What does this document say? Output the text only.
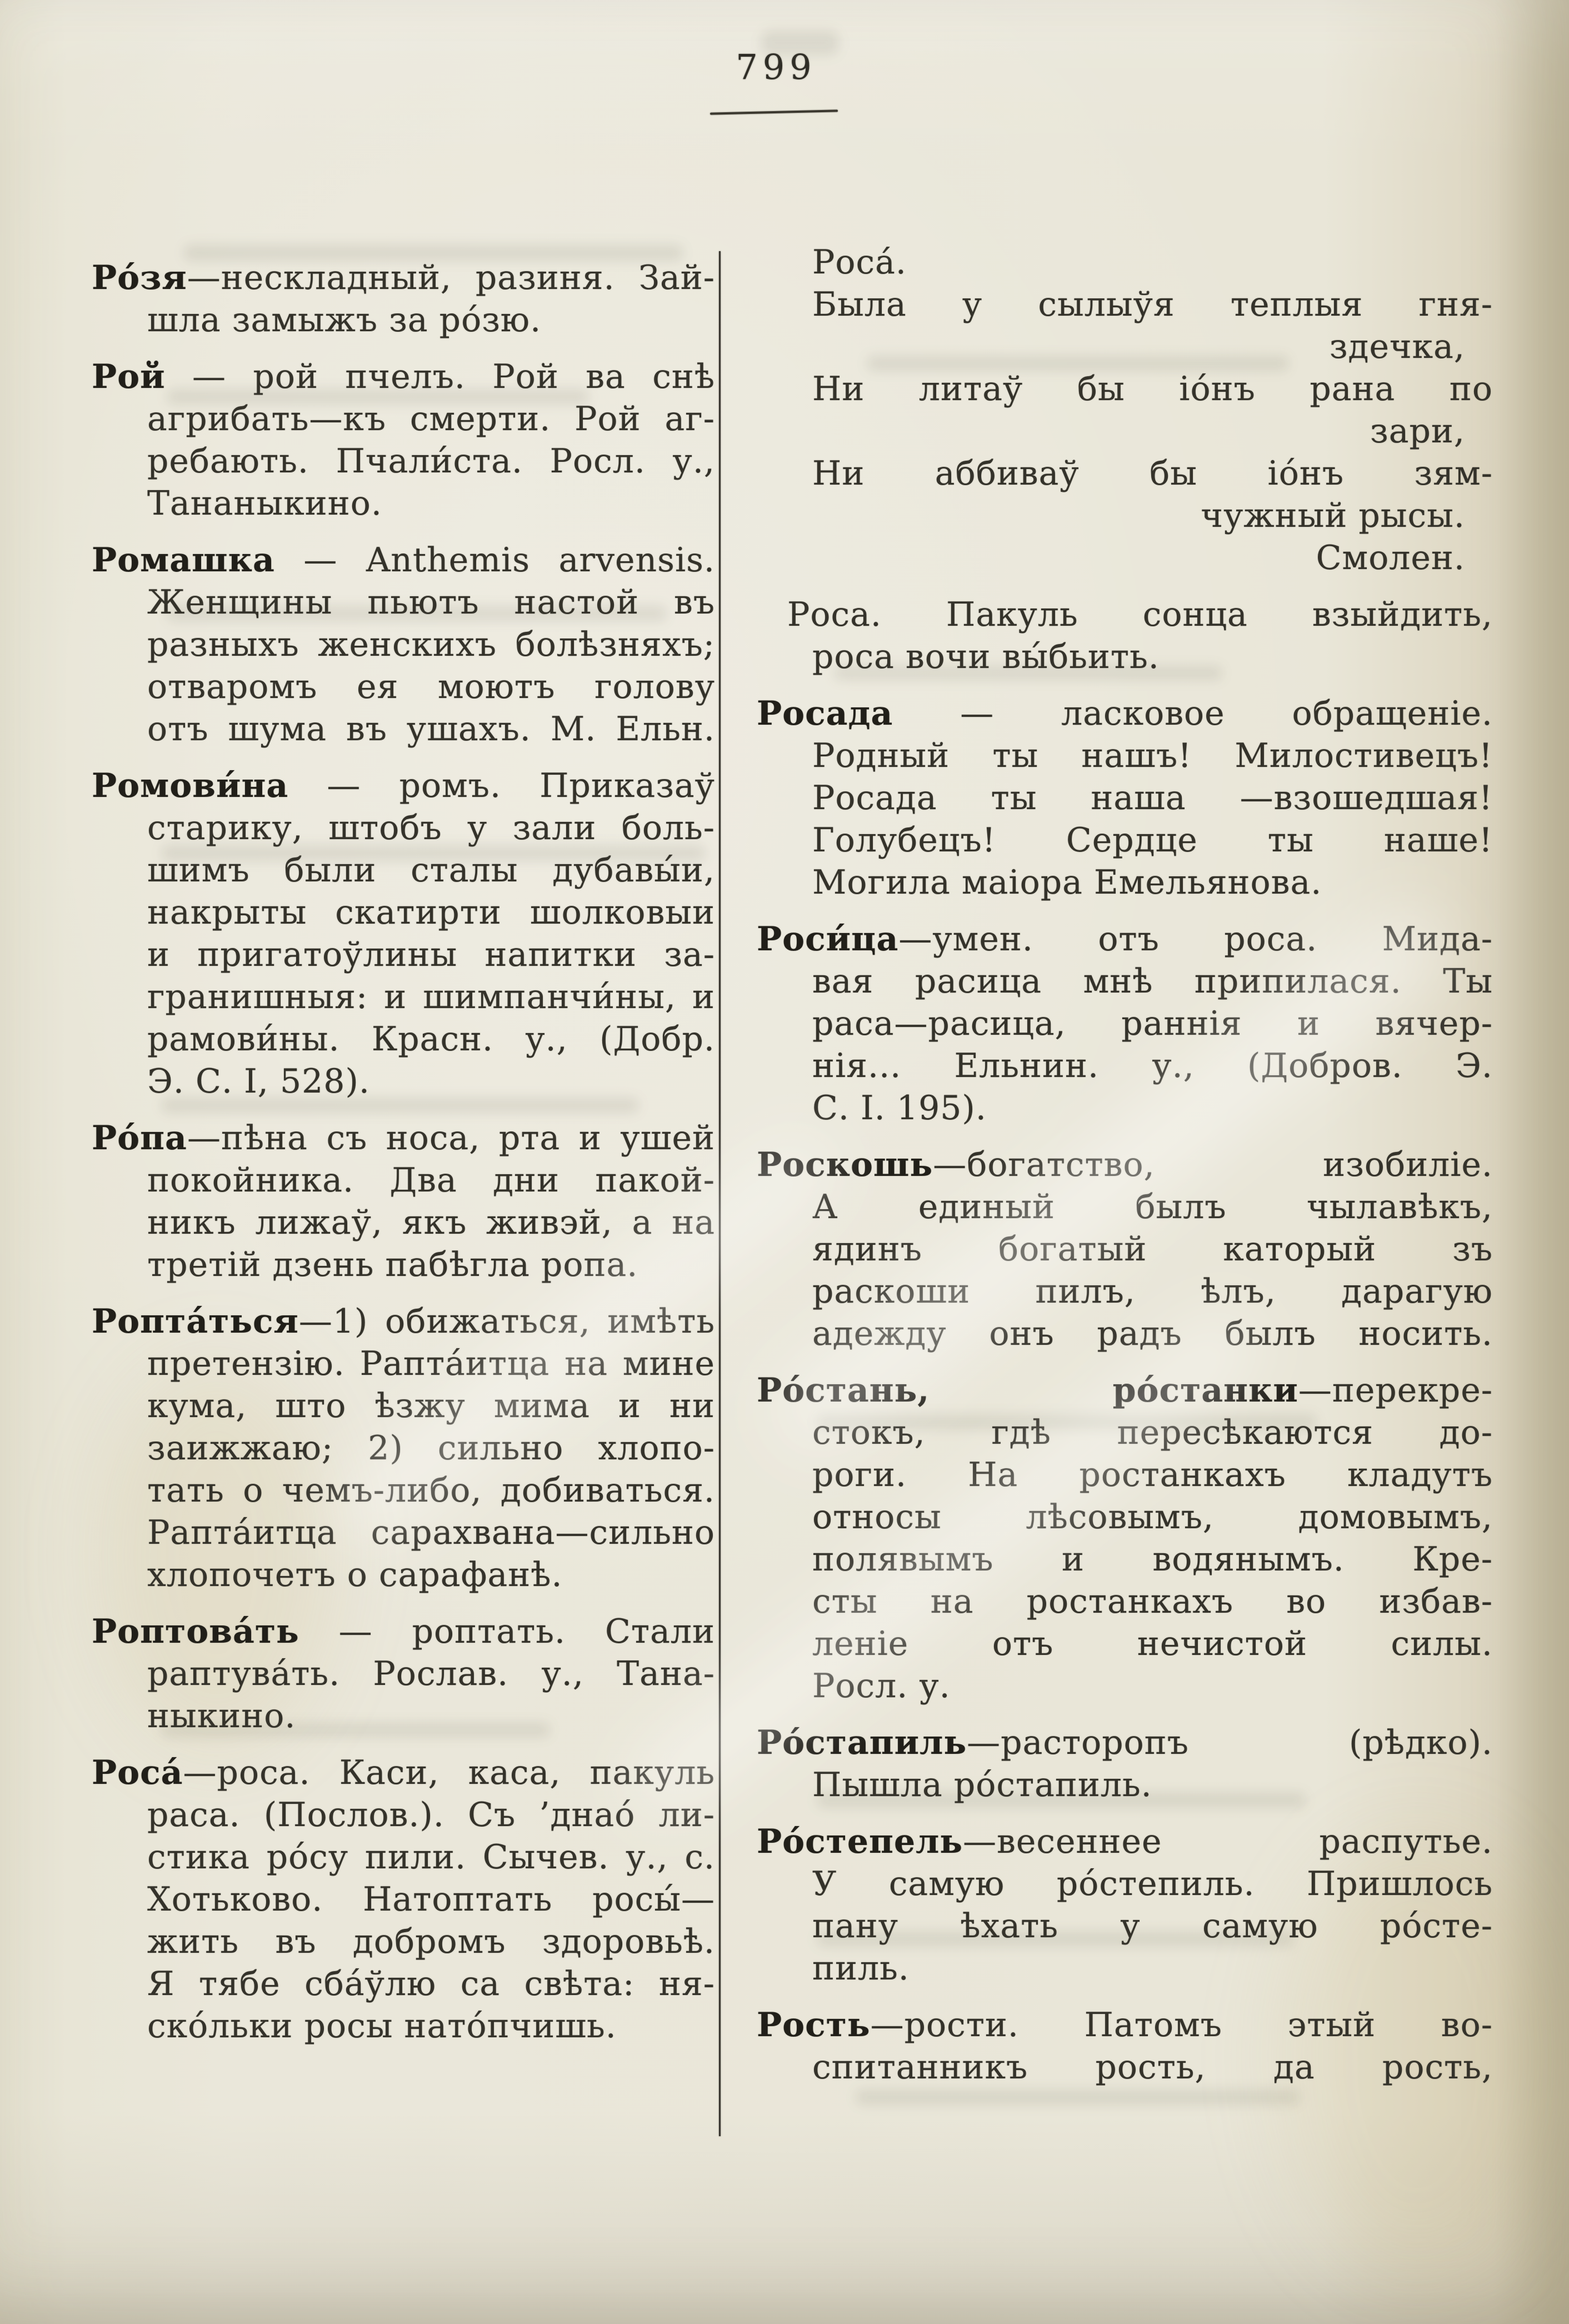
799
Ро́зя—нескладный, разиня. Зай-
шла замыжъ за ро́зю.
Рой — рой пчелъ. Рой ва снѣ
агрибать—къ смерти. Рой аг-
ребають. Пчали́ста. Росл. у.,
Тананыкино.
Ромашка — Anthemis arvensis.
Женщины пьютъ настой въ
разныхъ женскихъ болѣзняхъ;
отваромъ ея моютъ голову
отъ шума въ ушахъ. М. Ельн.
Ромови́на — ромъ. Приказаў
старику, штобъ у зали боль-
шимъ были сталы дубавы́и,
накрыты скатирти шолковыи
и пригатоўлины напитки за-
гранишныя: и шимпанчи́ны, и
рамови́ны. Красн. у., (Добр.
Э. С. I, 528).
Ро́па—пѣна съ носа, рта и ушей
покойника. Два дни пакой-
никъ лижаў, якъ живэй, а на
третій дзень пабѣгла ропа.
Ропта́ться—1) обижаться, имѣть
претензію. Рапта́итца на мине
кума, што ѣзжу мима и ни
заижжаю; 2) сильно хлопо-
тать о чемъ-либо, добиваться.
Рапта́итца сарахвана—сильно
хлопочетъ о сарафанѣ.
Роптова́ть — роптать. Стали
раптува́ть. Рослав. у., Тана-
ныкино.
Роса́—роса. Каси, каса, пакуль
раса. (Послов.). Съ ’днао́ ли-
стика ро́су пили. Сычев. у., с.
Хотьково. Натоптать росы́—
жить въ добромъ здоровьѣ.
Я тябе сба́ўлю са свѣта: ня-
ско́льки росы нато́пчишь.
Роса́.
Была у сылыўя теплыя гня-
здечка,
Ни литаў бы іо́нъ рана по
зари,
Ни аббиваў бы іо́нъ зям-
чужный рысы.
Смолен.
Роса. Пакуль сонца взыйдить,
роса вочи вы́бьить.
Росада — ласковое обращеніе.
Родный ты нашъ! Милостивецъ!
Росада ты наша —взошедшая!
Голубецъ! Сердце ты наше!
Могила маіора Емельянова.
Роси́ца—умен. отъ роса. Мида-
вая расица мнѣ припилася. Ты
раса—расица, раннія и вячер-
нія... Ельнин. у., (Добров. Э.
С. I. 195).
Роскошь—богатство, изобиліе.
А единый былъ чылавѣкъ,
ядинъ богатый каторый зъ
раскоши пилъ, ѣлъ, дарагую
адежду онъ радъ былъ носить.
Ро́стань, ро́станки—перекре-
стокъ, гдѣ пересѣкаются до-
роги. На ростанкахъ кладутъ
относы лѣсовымъ, домовымъ,
полявымъ и водянымъ. Кре-
сты на ростанкахъ во избав-
леніе отъ нечистой силы.
Росл. у.
Ро́стапиль—расторопъ (рѣдко).
Пышла ро́стапиль.
Ро́степель—весеннее распутье.
У самую ро́степиль. Пришлось
пану ѣхать у самую ро́сте-
пиль.
Рость—рости. Патомъ этый во-
спитанникъ рость, да рость,
